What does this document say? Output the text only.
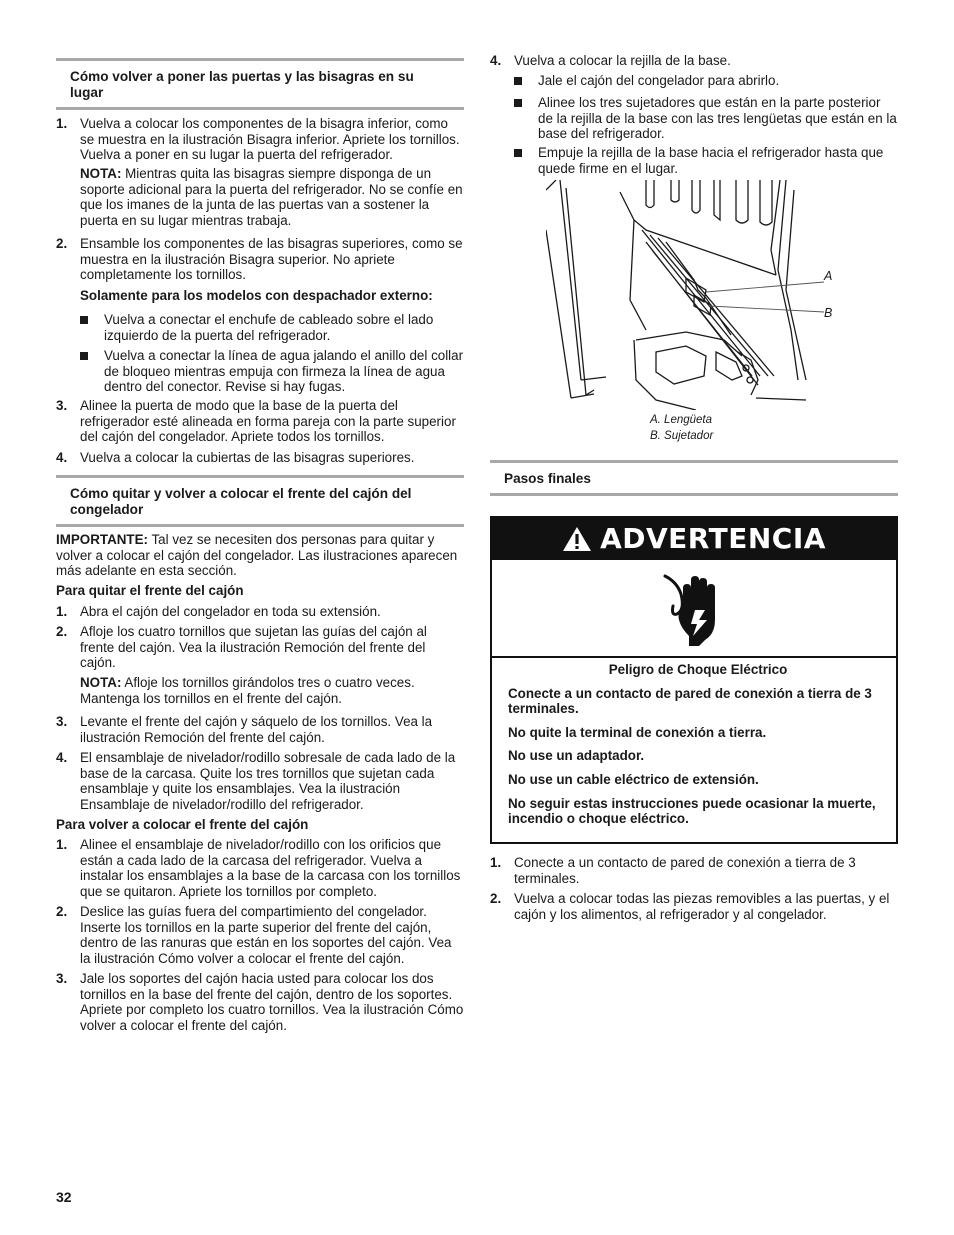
Cómo volver a poner las puertas y las bisagras en su lugar
1. Vuelva a colocar los componentes de la bisagra inferior, como se muestra en la ilustración Bisagra inferior. Apriete los tornillos. Vuelva a poner en su lugar la puerta del refrigerador.
NOTA: Mientras quita las bisagras siempre disponga de un soporte adicional para la puerta del refrigerador. No se confíe en que los imanes de la junta de las puertas van a sostener la puerta en su lugar mientras trabaja.
2. Ensamble los componentes de las bisagras superiores, como se muestra en la ilustración Bisagra superior. No apriete completamente los tornillos.
Solamente para los modelos con despachador externo:
Vuelva a conectar el enchufe de cableado sobre el lado izquierdo de la puerta del refrigerador.
Vuelva a conectar la línea de agua jalando el anillo del collar de bloqueo mientras empuja con firmeza la línea de agua dentro del conector. Revise si hay fugas.
3. Alinee la puerta de modo que la base de la puerta del refrigerador esté alineada en forma pareja con la parte superior del cajón del congelador. Apriete todos los tornillos.
4. Vuelva a colocar la cubiertas de las bisagras superiores.
Cómo quitar y volver a colocar el frente del cajón del congelador
IMPORTANTE: Tal vez se necesiten dos personas para quitar y volver a colocar el cajón del congelador. Las ilustraciones aparecen más adelante en esta sección.
Para quitar el frente del cajón
1. Abra el cajón del congelador en toda su extensión.
2. Afloje los cuatro tornillos que sujetan las guías del cajón al frente del cajón. Vea la ilustración Remoción del frente del cajón.
NOTA: Afloje los tornillos girándolos tres o cuatro veces. Mantenga los tornillos en el frente del cajón.
3. Levante el frente del cajón y sáquelo de los tornillos. Vea la ilustración Remoción del frente del cajón.
4. El ensamblaje de nivelador/rodillo sobresale de cada lado de la base de la carcasa. Quite los tres tornillos que sujetan cada ensamblaje y quite los ensamblajes. Vea la ilustración Ensamblaje de nivelador/rodillo del refrigerador.
Para volver a colocar el frente del cajón
1. Alinee el ensamblaje de nivelador/rodillo con los orificios que están a cada lado de la carcasa del refrigerador. Vuelva a instalar los ensamblajes a la base de la carcasa con los tornillos que se quitaron. Apriete los tornillos por completo.
2. Deslice las guías fuera del compartimiento del congelador. Inserte los tornillos en la parte superior del frente del cajón, dentro de las ranuras que están en los soportes del cajón. Vea la ilustración Cómo volver a colocar el frente del cajón.
3. Jale los soportes del cajón hacia usted para colocar los dos tornillos en la base del frente del cajón, dentro de los soportes. Apriete por completo los cuatro tornillos. Vea la ilustración Cómo volver a colocar el frente del cajón.
4. Vuelva a colocar la rejilla de la base.
Jale el cajón del congelador para abrirlo.
Alinee los tres sujetadores que están en la parte posterior de la rejilla de la base con las tres lengüetas que están en la base del refrigerador.
Empuje la rejilla de la base hacia el refrigerador hasta que quede firme en el lugar.
A
B
A. Lengüeta
B. Sujetador
Pasos finales
ADVERTENCIA

Peligro de Choque Eléctrico

Conecte a un contacto de pared de conexión a tierra de 3 terminales.

No quite la terminal de conexión a tierra.

No use un adaptador.

No use un cable eléctrico de extensión.

No seguir estas instrucciones puede ocasionar la muerte, incendio o choque eléctrico.

1. Conecte a un contacto de pared de conexión a tierra de 3 terminales.
2. Vuelva a colocar todas las piezas removibles a las puertas, y el cajón y los alimentos, al refrigerador y al congelador.
32
